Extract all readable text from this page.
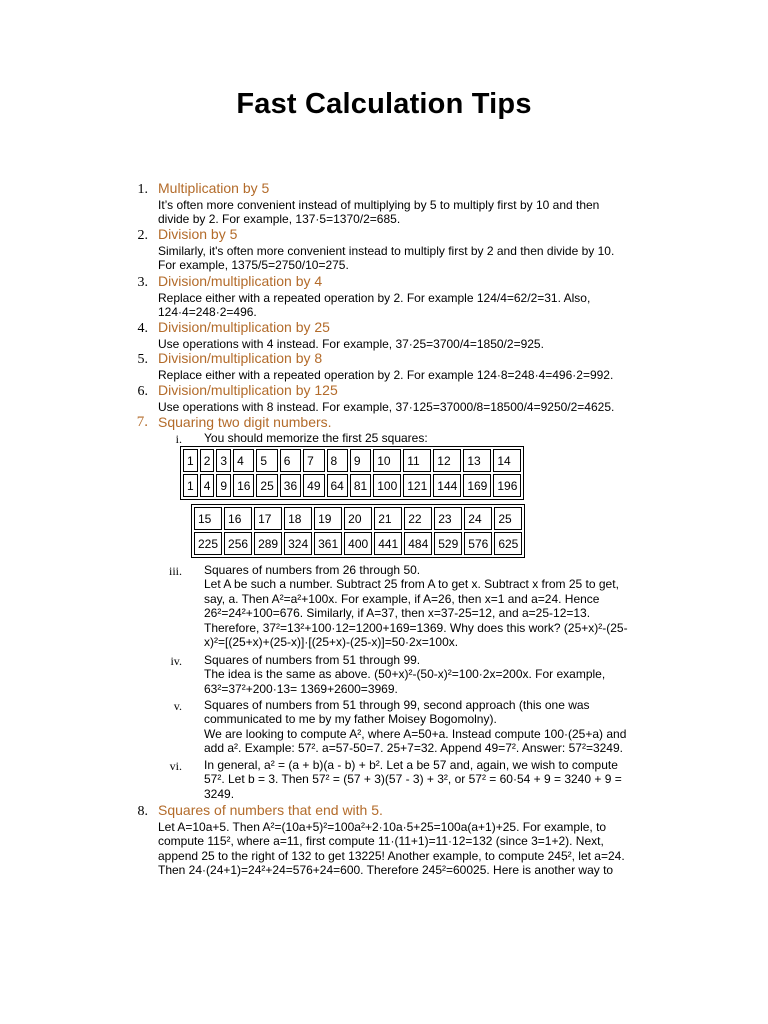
Fast Calculation Tips
1. Multiplication by 5
It’s often more convenient instead of multiplying by 5 to multiply first by 10 and then
divide by 2. For example, 137·5=1370/2=685.
2. Division by 5
Similarly, it's often more convenient instead to multiply first by 2 and then divide by 10.
For example, 1375/5=2750/10=275.
3. Division/multiplication by 4
Replace either with a repeated operation by 2. For example 124/4=62/2=31. Also,
124·4=248·2=496.
4. Division/multiplication by 25
Use operations with 4 instead. For example, 37·25=3700/4=1850/2=925.
5. Division/multiplication by 8
Replace either with a repeated operation by 2. For example 124·8=248·4=496·2=992.
6. Division/multiplication by 125
Use operations with 8 instead. For example, 37·125=37000/8=18500/4=9250/2=4625.
7. Squaring two digit numbers.
i. You should memorize the first 25 squares:
1	2	3	4	5	6	7	8	9	10	11	12	13	14
1	4	9	16	25	36	49	64	81	100	121	144	169	196
15	16	17	18	19	20	21	22	23	24	25
225	256	289	324	361	400	441	484	529	576	625
iii. Squares of numbers from 26 through 50.
Let A be such a number. Subtract 25 from A to get x. Subtract x from 25 to get,
say, a. Then A²=a²+100x. For example, if A=26, then x=1 and a=24. Hence
26²=24²+100=676. Similarly, if A=37, then x=37-25=12, and a=25-12=13.
Therefore, 37²=13²+100·12=1200+169=1369. Why does this work? (25+x)²-(25-
x)²=[(25+x)+(25-x)]·[(25+x)-(25-x)]=50·2x=100x.
iv. Squares of numbers from 51 through 99.
The idea is the same as above. (50+x)²-(50-x)²=100·2x=200x. For example,
63²=37²+200·13= 1369+2600=3969.
v. Squares of numbers from 51 through 99, second approach (this one was
communicated to me by my father Moisey Bogomolny).
We are looking to compute A², where A=50+a. Instead compute 100·(25+a) and
add a². Example: 57². a=57-50=7. 25+7=32. Append 49=7². Answer: 57²=3249.
vi. In general, a² = (a + b)(a - b) + b². Let a be 57 and, again, we wish to compute
57². Let b = 3. Then 57² = (57 + 3)(57 - 3) + 3², or 57² = 60·54 + 9 = 3240 + 9 =
3249.
8. Squares of numbers that end with 5.
Let A=10a+5. Then A²=(10a+5)²=100a²+2·10a·5+25=100a(a+1)+25. For example, to
compute 115², where a=11, first compute 11·(11+1)=11·12=132 (since 3=1+2). Next,
append 25 to the right of 132 to get 13225! Another example, to compute 245², let a=24.
Then 24·(24+1)=24²+24=576+24=600. Therefore 245²=60025. Here is another way to
